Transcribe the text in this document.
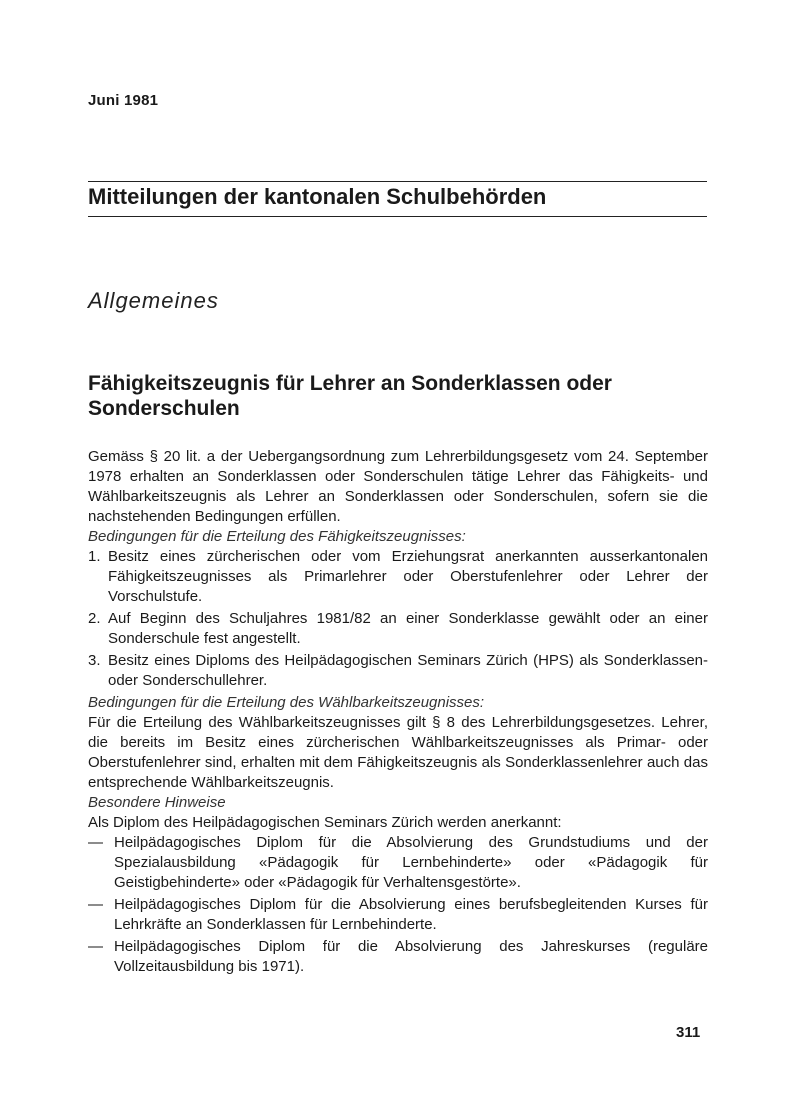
Juni 1981
Mitteilungen der kantonalen Schulbehörden
Allgemeines
Fähigkeitszeugnis für Lehrer an Sonderklassen oder Sonderschulen

Gemäss § 20 lit. a der Uebergangsordnung zum Lehrerbildungsgesetz vom 24. September 1978 erhalten an Sonderklassen oder Sonderschulen tätige Lehrer das Fähigkeits- und Wählbarkeitszeugnis als Lehrer an Sonderklassen oder Sonderschulen, sofern sie die nachstehenden Bedingungen erfüllen.

Bedingungen für die Erteilung des Fähigkeitszeugnisses:

1. Besitz eines zürcherischen oder vom Erziehungsrat anerkannten ausserkantonalen Fähigkeitszeugnisses als Primarlehrer oder Oberstufenlehrer oder Lehrer der Vorschulstufe.
2. Auf Beginn des Schuljahres 1981/82 an einer Sonderklasse gewählt oder an einer Sonderschule fest angestellt.
3. Besitz eines Diploms des Heilpädagogischen Seminars Zürich (HPS) als Sonderklassen- oder Sonderschullehrer.

Bedingungen für die Erteilung des Wählbarkeitszeugnisses:

Für die Erteilung des Wählbarkeitszeugnisses gilt § 8 des Lehrerbildungsgesetzes. Lehrer, die bereits im Besitz eines zürcherischen Wählbarkeitszeugnisses als Primar- oder Oberstufenlehrer sind, erhalten mit dem Fähigkeitszeugnis als Sonderklassenlehrer auch das entsprechende Wählbarkeitszeugnis.

Besondere Hinweise

Als Diplom des Heilpädagogischen Seminars Zürich werden anerkannt:

— Heilpädagogisches Diplom für die Absolvierung des Grundstudiums und der Spezialausbildung «Pädagogik für Lernbehinderte» oder «Pädagogik für Geistigbehinderte» oder «Pädagogik für Verhaltensgestörte».
— Heilpädagogisches Diplom für die Absolvierung eines berufsbegleitenden Kurses für Lehrkräfte an Sonderklassen für Lernbehinderte.
— Heilpädagogisches Diplom für die Absolvierung des Jahreskurses (reguläre Vollzeitausbildung bis 1971).
311
